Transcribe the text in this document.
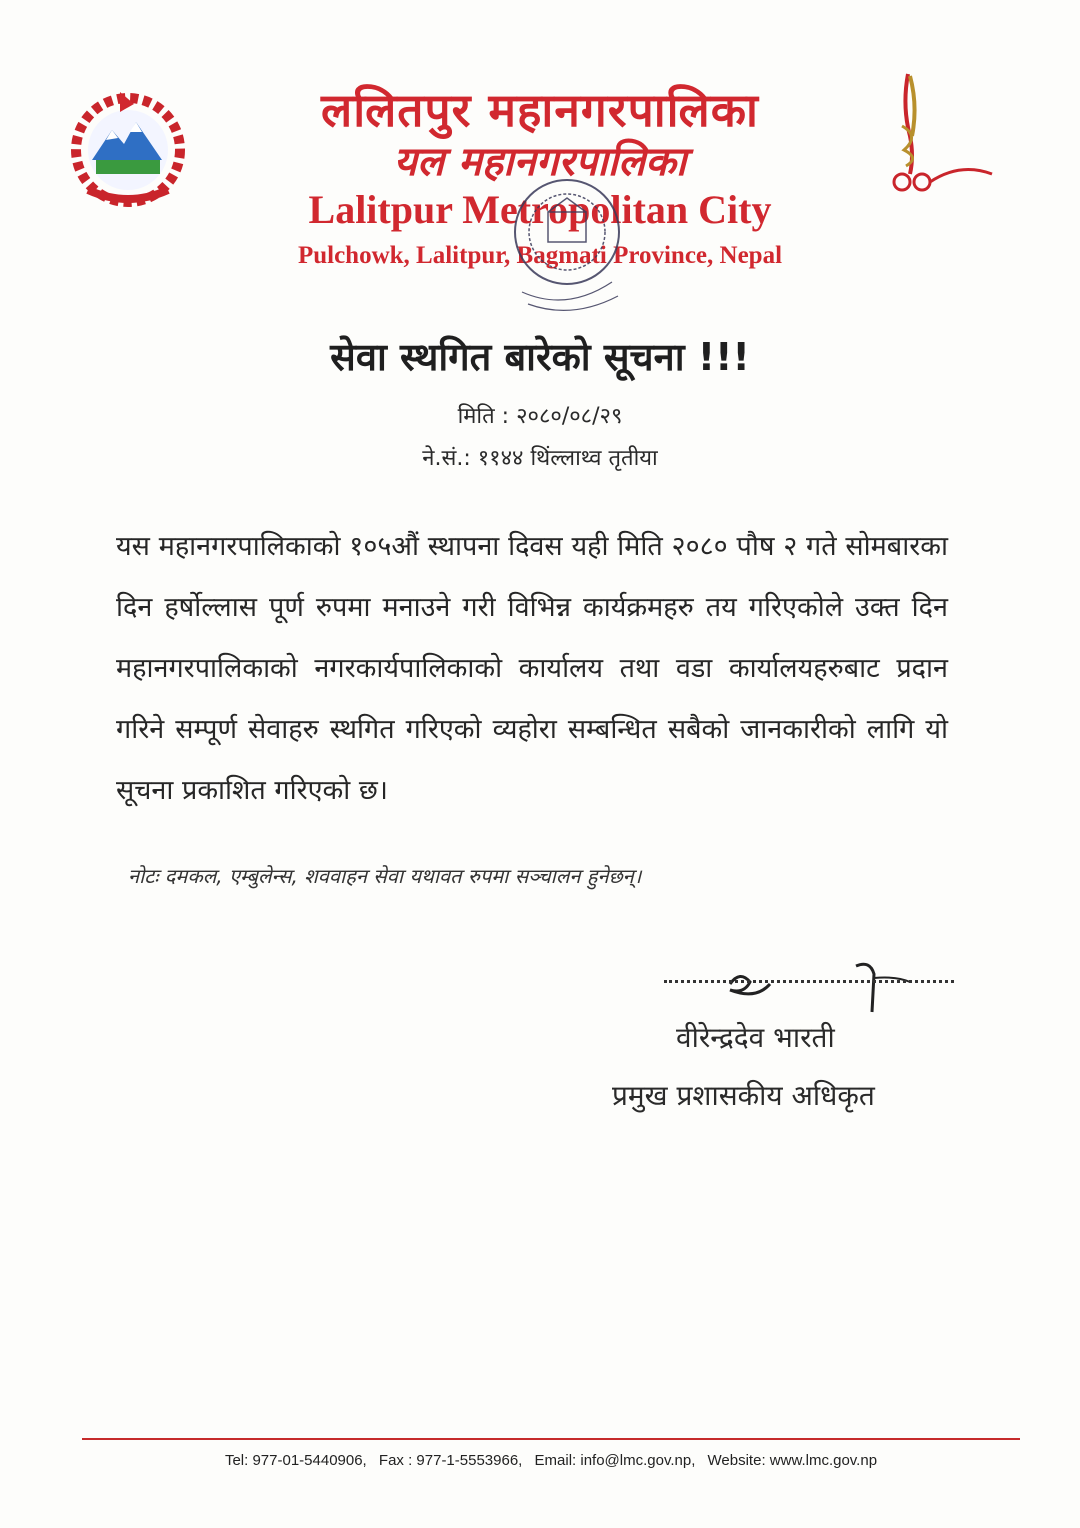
ललितपुर महानगरपालिका
यल महानगरपालिका
Lalitpur Metropolitan City
Pulchowk, Lalitpur, Bagmati Province, Nepal
सेवा स्थगित बारेको सूचना !!!
मिति : २०८०/०८/२९
ने.सं.: ११४४ थिंल्लाथ्व तृतीया
यस महानगरपालिकाको १०५औं स्थापना दिवस यही मिति २०८० पौष २ गते सोमबारका दिन हर्षोल्लास पूर्ण रुपमा मनाउने गरी विभिन्न कार्यक्रमहरु तय गरिएकोले उक्त दिन महानगरपालिकाको नगरकार्यपालिकाको कार्यालय तथा वडा कार्यालयहरुबाट प्रदान गरिने सम्पूर्ण सेवाहरु स्थगित गरिएको व्यहोरा सम्बन्धित सबैको जानकारीको लागि यो सूचना प्रकाशित गरिएको छ।
नोटः दमकल, एम्बुलेन्स, शववाहन सेवा यथावत रुपमा सञ्चालन हुनेछन्।
वीरेन्द्रदेव भारती
प्रमुख प्रशासकीय अधिकृत
Tel: 977-01-5440906, Fax : 977-1-5553966, Email: info@lmc.gov.np, Website: www.lmc.gov.np
